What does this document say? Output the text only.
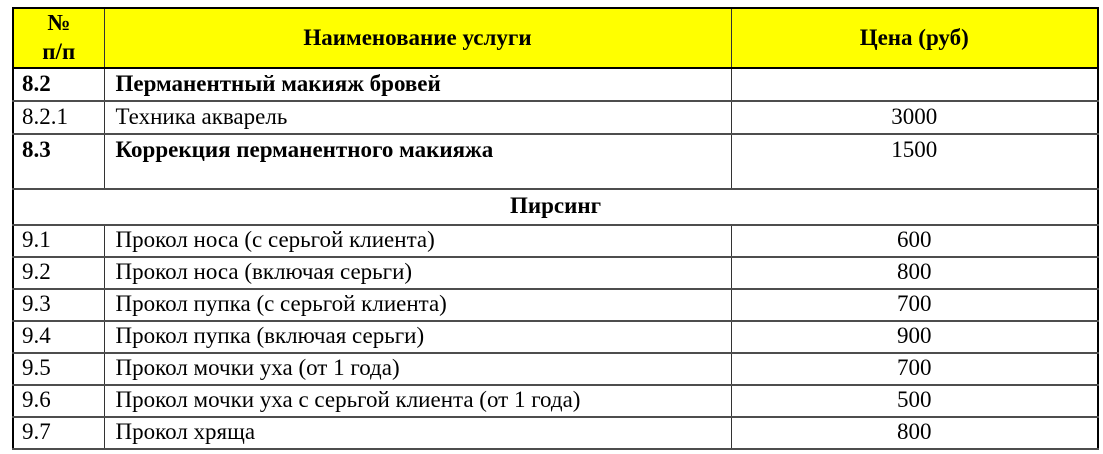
№
п/п	Наименование услуги	Цена (руб)
8.2	Перманентный макияж бровей	
8.2.1	Техника акварель	3000
8.3	Коррекция перманентного макияжа	1500
Пирсинг		
9.1	Прокол носа (с серьгой клиента)	600
9.2	Прокол носа (включая серьги)	800
9.3	Прокол пупка (с серьгой клиента)	700
9.4	Прокол пупка (включая серьги)	900
9.5	Прокол мочки уха (от 1 года)	700
9.6	Прокол мочки уха с серьгой клиента (от 1 года)	500
9.7	Прокол хряща	800
